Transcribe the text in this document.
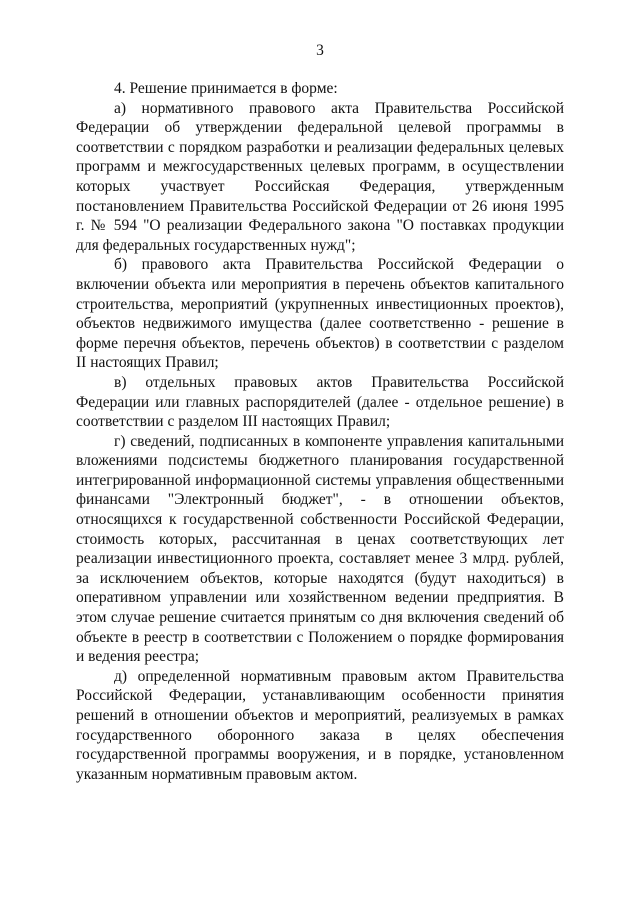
3

4. Решение принимается в форме:

а) нормативного правового акта Правительства Российской Федерации об утверждении федеральной целевой программы в соответствии с порядком разработки и реализации федеральных целевых программ и межгосударственных целевых программ, в осуществлении которых участвует Российская Федерация, утвержденным постановлением Правительства Российской Федерации от 26 июня 1995 г. № 594 "О реализации Федерального закона "О поставках продукции для федеральных государственных нужд";

б) правового акта Правительства Российской Федерации о включении объекта или мероприятия в перечень объектов капитального строительства, мероприятий (укрупненных инвестиционных проектов), объектов недвижимого имущества (далее соответственно - решение в форме перечня объектов, перечень объектов) в соответствии с разделом II настоящих Правил;

в) отдельных правовых актов Правительства Российской Федерации или главных распорядителей (далее - отдельное решение) в соответствии с разделом III настоящих Правил;

г) сведений, подписанных в компоненте управления капитальными вложениями подсистемы бюджетного планирования государственной интегрированной информационной системы управления общественными финансами "Электронный бюджет", - в отношении объектов, относящихся к государственной собственности Российской Федерации, стоимость которых, рассчитанная в ценах соответствующих лет реализации инвестиционного проекта, составляет менее 3 млрд. рублей, за исключением объектов, которые находятся (будут находиться) в оперативном управлении или хозяйственном ведении предприятия. В этом случае решение считается принятым со дня включения сведений об объекте в реестр в соответствии с Положением о порядке формирования и ведения реестра;

д) определенной нормативным правовым актом Правительства Российской Федерации, устанавливающим особенности принятия решений в отношении объектов и мероприятий, реализуемых в рамках государственного оборонного заказа в целях обеспечения государственной программы вооружения, и в порядке, установленном указанным нормативным правовым актом.
